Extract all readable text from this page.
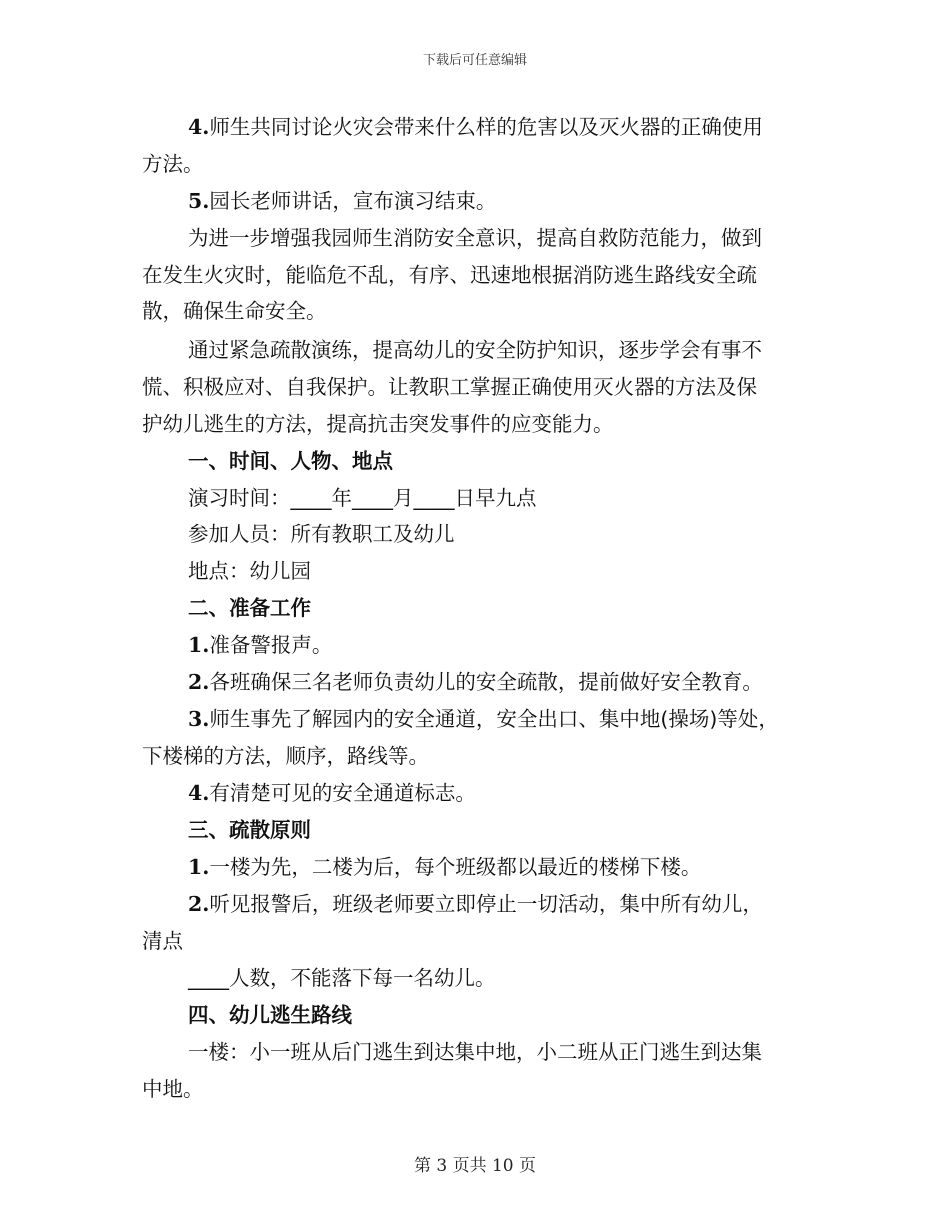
下载后可任意编辑
4.师生共同讨论火灾会带来什么样的危害以及灭火器的正确使用
方法。
5.园长老师讲话，宣布演习结束。
为进一步增强我园师生消防安全意识，提高自救防范能力，做到
在发生火灾时，能临危不乱，有序、迅速地根据消防逃生路线安全疏
散，确保生命安全。
通过紧急疏散演练，提高幼儿的安全防护知识，逐步学会有事不
慌、积极应对、自我保护。让教职工掌握正确使用灭火器的方法及保
护幼儿逃生的方法，提高抗击突发事件的应变能力。
一、时间、人物、地点
演习时间：____年____月____日早九点
参加人员：所有教职工及幼儿
地点：幼儿园
二、准备工作
1.准备警报声。
2.各班确保三名老师负责幼儿的安全疏散，提前做好安全教育。
3.师生事先了解园内的安全通道，安全出口、集中地(操场)等处，
下楼梯的方法，顺序，路线等。
4.有清楚可见的安全通道标志。
三、疏散原则
1.一楼为先，二楼为后，每个班级都以最近的楼梯下楼。
2.听见报警后，班级老师要立即停止一切活动，集中所有幼儿，
清点
____人数，不能落下每一名幼儿。
四、幼儿逃生路线
一楼：小一班从后门逃生到达集中地，小二班从正门逃生到达集
中地。
第 3 页共 10 页
